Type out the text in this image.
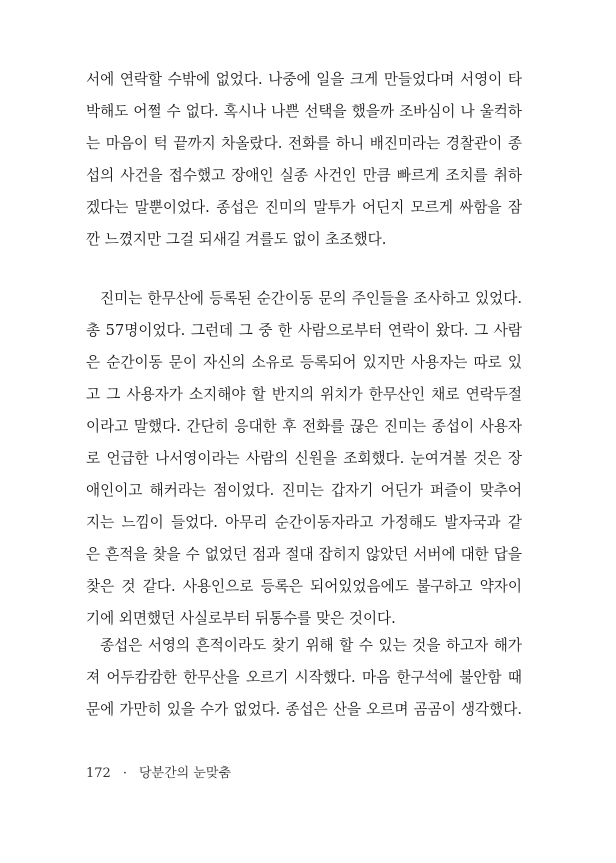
서에 연락할 수밖에 없었다. 나중에 일을 크게 만들었다며 서영이 타
박해도 어쩔 수 없다. 혹시나 나쁜 선택을 했을까 조바심이 나 울컥하
는 마음이 턱 끝까지 차올랐다. 전화를 하니 배진미라는 경찰관이 종
섭의 사건을 접수했고 장애인 실종 사건인 만큼 빠르게 조치를 취하
겠다는 말뿐이었다. 종섭은 진미의 말투가 어딘지 모르게 싸함을 잠
깐 느꼈지만 그걸 되새길 겨를도 없이 초조했다.
진미는 한무산에 등록된 순간이동 문의 주인들을 조사하고 있었다.
총 57명이었다. 그런데 그 중 한 사람으로부터 연락이 왔다. 그 사람
은 순간이동 문이 자신의 소유로 등록되어 있지만 사용자는 따로 있
고 그 사용자가 소지해야 할 반지의 위치가 한무산인 채로 연락두절
이라고 말했다. 간단히 응대한 후 전화를 끊은 진미는 종섭이 사용자
로 언급한 나서영이라는 사람의 신원을 조회했다. 눈여겨볼 것은 장
애인이고 해커라는 점이었다. 진미는 갑자기 어딘가 퍼즐이 맞추어
지는 느낌이 들었다. 아무리 순간이동자라고 가정해도 발자국과 같
은 흔적을 찾을 수 없었던 점과 절대 잡히지 않았던 서버에 대한 답을
찾은 것 같다. 사용인으로 등록은 되어있었음에도 불구하고 약자이
기에 외면했던 사실로부터 뒤통수를 맞은 것이다.
종섭은 서영의 흔적이라도 찾기 위해 할 수 있는 것을 하고자 해가
져 어두캄캄한 한무산을 오르기 시작했다. 마음 한구석에 불안함 때
문에 가만히 있을 수가 없었다. 종섭은 산을 오르며 곰곰이 생각했다.
172 · 당분간의 눈맞춤
